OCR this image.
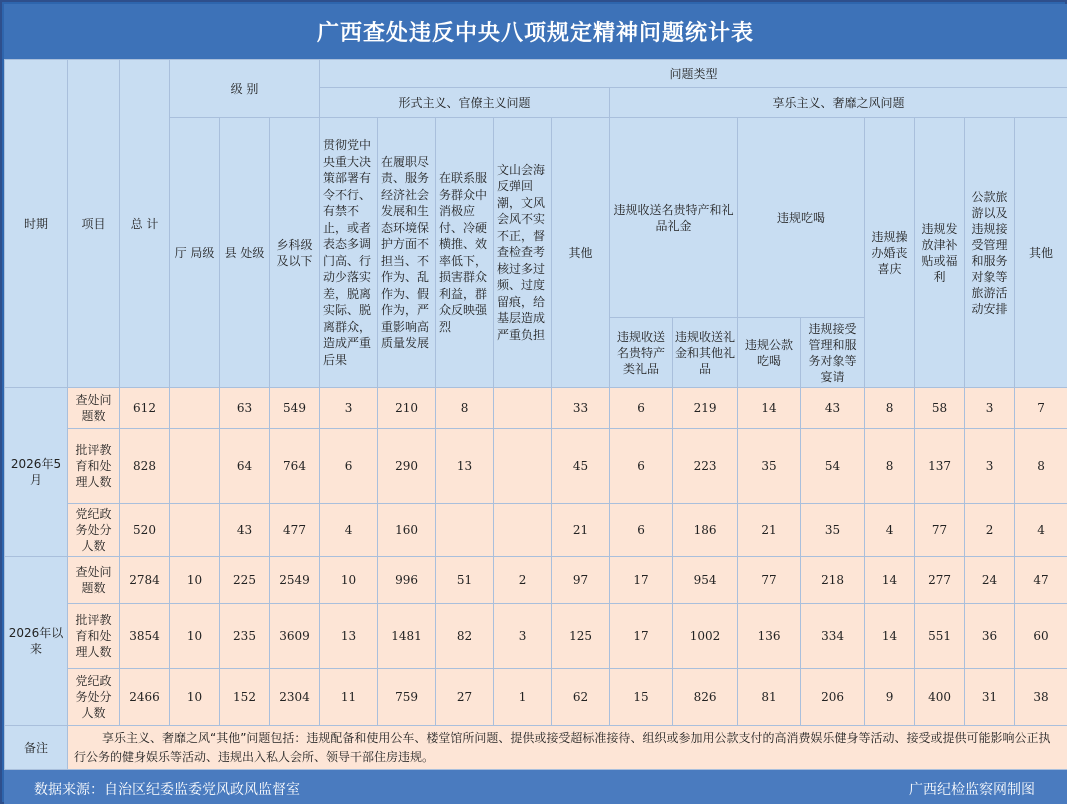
广西查处违反中央八项规定精神问题统计表
时期	项目	总 计	级 别			问题类型												
						形式主义、官僚主义问题					享乐主义、奢靡之风问题							
			厅 局级	县 处级	乡科级及以下	贯彻党中央重大决策部署有令不行、有禁不止，或者表态多调门高、行动少落实差，脱离实际、脱离群众，造成严重后果	在履职尽责、服务经济社会发展和生态环境保护方面不担当、不作为、乱作为、假作为，严重影响高质量发展	在联系服务群众中消极应付、冷硬横推、效率低下，损害群众利益，群众反映强烈	文山会海反弹回潮，文风会风不实不正，督查检查考核过多过频、过度留痕，给基层造成严重负担	其他	违规收送名贵特产和礼品礼金		违规吃喝		违规操办婚丧喜庆	违规发放津补贴或福利	公款旅游以及违规接受管理和服务对象等旅游活动安排	其他
											违规收送名贵特产类礼品	违规收送礼金和其他礼品	违规公款吃喝	违规接受管理和服务对象等宴请				
2026年5月	查处问题数	612		63	549	3	210	8		33	6	219	14	43	8	58	3	7
	批评教育和处理人数	828		64	764	6	290	13		45	6	223	35	54	8	137	3	8
	党纪政务处分人数	520		43	477	4	160			21	6	186	21	35	4	77	2	4
2026年以来	查处问题数	2784	10	225	2549	10	996	51	2	97	17	954	77	218	14	277	24	47
	批评教育和处理人数	3854	10	235	3609	13	1481	82	3	125	17	1002	136	334	14	551	36	60
	党纪政务处分人数	2466	10	152	2304	11	759	27	1	62	15	826	81	206	9	400	31	38
备注	享乐主义、奢靡之风“其他”问题包括：违规配备和使用公车、楼堂馆所问题、提供或接受超标准接待、组织或参加用公款支付的高消费娱乐健身等活动、接受或提供可能影响公正执行公务的健身娱乐等活动、违规出入私人会所、领导干部住房违规。																	
数据来源：自治区纪委监委党风政风监督室	广西纪检监察网制图
